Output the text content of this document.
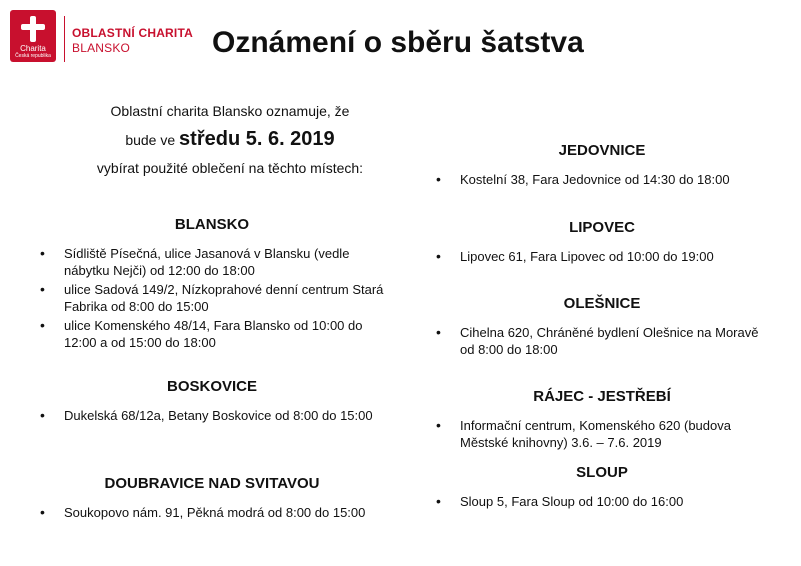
Charita
Česká republika
OBLASTNÍ CHARITA
BLANSKO	Oznámení o sběru šatstva

Oblastní charita Blansko oznamuje, že

bude ve středu 5. 6. 2019

vybírat použité oblečení na těchto místech:

BLANSKO
• Sídliště Písečná, ulice Jasanová v Blansku (vedle nábytku Nejči) od 12:00 do 18:00
• ulice Sadová 149/2, Nízkoprahové denní centrum Stará Fabrika od 8:00 do 15:00
• ulice Komenského 48/14, Fara Blansko od 10:00 do 12:00 a od 15:00 do 18:00
BOSKOVICE
• Dukelská 68/12a, Betany Boskovice od 8:00 do 15:00
DOUBRAVICE NAD SVITAVOU
• Soukopovo nám. 91, Pěkná modrá od 8:00 do 15:00
JEDOVNICE
• Kostelní 38, Fara Jedovnice od 14:30 do 18:00
LIPOVEC
• Lipovec 61, Fara Lipovec od 10:00 do 19:00
OLEŠNICE
• Cihelna 620, Chráněné bydlení Olešnice na Moravě od 8:00 do 18:00
RÁJEC - JESTŘEBÍ
• Informační centrum, Komenského 620 (budova Městské knihovny) 3.6. – 7.6. 2019
SLOUP
• Sloup 5, Fara Sloup od 10:00 do 16:00
